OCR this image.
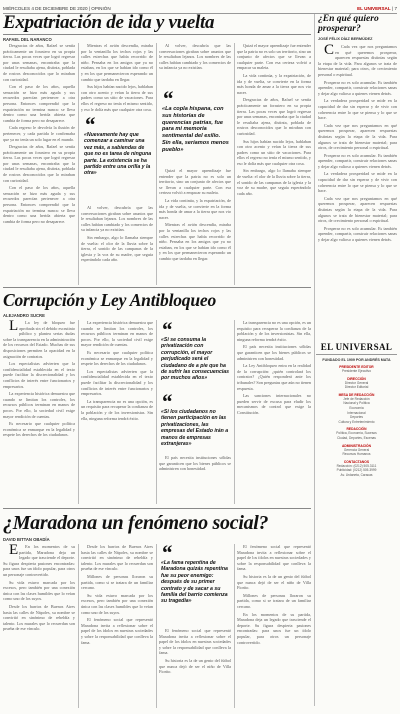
MIÉRCOLES 4 DE DICIEMBRE DE 2020 | OPINIÓN	EL UNIVERSAL | 7
Expatriación de ida y vuelta
RAFAEL DEL NARANCO

Desgracias de años, Rafael se sentía prácticamente un forastero en su propia tierra. Las pocas veces que logró regresar por unas semanas, encontraba que la ciudad le resultaba ajena, distinta, poblada de rostros desconocidos que lo miraban con curiosidad.

Con el paso de los años, aquella sensación se hizo más aguda y sus recuerdos parecían pertenecer a otra persona. Entonces comprendió que la expatriación no termina nunca: se lleva dentro como una herida abierta que cambia de forma pero no desaparece.

Cada regreso le devolvía la ilusión de pertenecer, y cada partida le confirmaba que ya no tenía un solo lugar en el mundo.

Desgracias de años, Rafael se sentía prácticamente un forastero en su propia tierra. Las pocas veces que logró regresar por unas semanas, encontraba que la ciudad le resultaba ajena, distinta, poblada de rostros desconocidos que lo miraban con curiosidad.

Con el paso de los años, aquella sensación se hizo más aguda y sus recuerdos parecían pertenecer a otra persona. Entonces comprendió que la expatriación no termina nunca: se lleva dentro como una herida abierta que cambia de forma pero no desaparece.

Mientras el avión descendía, miraba por la ventanilla los techos rojos y las calles estrechas que había recorrido de niño. Pensaba en los amigos que ya no estaban, en los que se habían ido como él y en los que permanecieron esperando un cambio que tardaba en llegar.

Sus hijos habían nacido lejos, hablaban con otro acento y veían la tierra de sus padres como un sitio de vacaciones. Para ellos el regreso no tenía el mismo sentido, y eso le dolía más que cualquier otra cosa.

“
«Nuevamente hay que comenzar a caminar una vez más, a sabiendas de que no es tarea de ninguna parte. La existencia se ha partido entre una orilla y la otra»

Al volver, descubría que las conversaciones giraban sobre asuntos que le resultaban lejanos. Los nombres de las calles habían cambiado y los comercios de su infancia ya no existían.

Sin embargo, algo lo llamaba siempre de vuelta: el olor de la lluvia sobre la tierra, el sonido de las campanas de la iglesia y la voz de su madre, que seguía esperándolo cada año.

Al volver, descubría que las conversaciones giraban sobre asuntos que le resultaban lejanos. Los nombres de las calles habían cambiado y los comercios de su infancia ya no existían.

“
«La copla hispana, con sus historias de querencias patrias, fue para mi memoria sentimental del exilio. Sin ella, seríamos menos pueblo»

Quizá el mayor aprendizaje fue entender que la patria no es solo un territorio, sino un conjunto de afectos que se llevan a cualquier parte. Con esa certeza volvió a empacar su maleta.

La vida continúa, y la expatriación, de ida y de vuelta, se convierte en la forma más honda de amar a la tierra que nos vio nacer.

Mientras el avión descendía, miraba por la ventanilla los techos rojos y las calles estrechas que había recorrido de niño. Pensaba en los amigos que ya no estaban, en los que se habían ido como él y en los que permanecieron esperando un cambio que tardaba en llegar.

Quizá el mayor aprendizaje fue entender que la patria no es solo un territorio, sino un conjunto de afectos que se llevan a cualquier parte. Con esa certeza volvió a empacar su maleta.

La vida continúa, y la expatriación, de ida y de vuelta, se convierte en la forma más honda de amar a la tierra que nos vio nacer.

Desgracias de años, Rafael se sentía prácticamente un forastero en su propia tierra. Las pocas veces que logró regresar por unas semanas, encontraba que la ciudad le resultaba ajena, distinta, poblada de rostros desconocidos que lo miraban con curiosidad.

Sus hijos habían nacido lejos, hablaban con otro acento y veían la tierra de sus padres como un sitio de vacaciones. Para ellos el regreso no tenía el mismo sentido, y eso le dolía más que cualquier otra cosa.

Sin embargo, algo lo llamaba siempre de vuelta: el olor de la lluvia sobre la tierra, el sonido de las campanas de la iglesia y la voz de su madre, que seguía esperándolo cada año.

¿En qué quiero prosperar?
JOSÉ FÉLIX DÍAZ BERMÚDEZ

C Cada vez que nos preguntamos en qué queremos prosperar, aparecen respuestas distintas según la etapa de la vida. Para algunos se trata de bienestar material; para otros, de crecimiento personal o espiritual.

Prosperar no es solo acumular. Es también aprender, compartir, construir relaciones sanas y dejar algo valioso a quienes vienen detrás.

La verdadera prosperidad se mide en la capacidad de dar sin esperar y de vivir con coherencia entre lo que se piensa y lo que se hace.

Cada vez que nos preguntamos en qué queremos prosperar, aparecen respuestas distintas según la etapa de la vida. Para algunos se trata de bienestar material; para otros, de crecimiento personal o espiritual.

Prosperar no es solo acumular. Es también aprender, compartir, construir relaciones sanas y dejar algo valioso a quienes vienen detrás.

La verdadera prosperidad se mide en la capacidad de dar sin esperar y de vivir con coherencia entre lo que se piensa y lo que se hace.

Cada vez que nos preguntamos en qué queremos prosperar, aparecen respuestas distintas según la etapa de la vida. Para algunos se trata de bienestar material; para otros, de crecimiento personal o espiritual.

Prosperar no es solo acumular. Es también aprender, compartir, construir relaciones sanas y dejar algo valioso a quienes vienen detrás.

Corrupción y Ley Antibloqueo
ALEJANDRO SUCRE

L La ley de bloqueo fue aprobada sin el debido escrutinio público y plantea serias dudas sobre la transparencia en la administración de los recursos del Estado. Muchas de sus disposiciones permiten la opacidad en la asignación de contratos.

Los especialistas advierten que la confidencialidad establecida en el texto puede facilitar la discrecionalidad y los conflictos de interés entre funcionarios y empresarios.

La experiencia histórica demuestra que cuando se limitan los controles, los recursos públicos terminan en manos de pocos. Por ello, la sociedad civil exige mayor rendición de cuentas.

Es necesario que cualquier política económica se enmarque en la legalidad y respete los derechos de los ciudadanos.

La experiencia histórica demuestra que cuando se limitan los controles, los recursos públicos terminan en manos de pocos. Por ello, la sociedad civil exige mayor rendición de cuentas.

Es necesario que cualquier política económica se enmarque en la legalidad y respete los derechos de los ciudadanos.

Los especialistas advierten que la confidencialidad establecida en el texto puede facilitar la discrecionalidad y los conflictos de interés entre funcionarios y empresarios.

La transparencia no es una opción, es un requisito para recuperar la confianza de la población y de los inversionistas. Sin ella, ninguna reforma tendrá éxito.

“
«Si se consuma la privatización con corrupción, el mayor perjudicado será el ciudadano de a pie que ha de sufrir las consecuencias por muchos años»
“
«Si los ciudadanos no tienen participación en las privatizaciones, las empresas del Estado irán a manos de empresas extranjeras»

El país necesita instituciones sólidas que garanticen que los bienes públicos se administren con honestidad.

La transparencia no es una opción, es un requisito para recuperar la confianza de la población y de los inversionistas. Sin ella, ninguna reforma tendrá éxito.

El país necesita instituciones sólidas que garanticen que los bienes públicos se administren con honestidad.

La Ley Antibloqueo entra en la realidad de la corrupción: ¿quién controlará los contratos? ¿Quién responderá ante los tribunales? Son preguntas que aún no tienen respuesta.

Las sanciones internacionales no pueden servir de excusa para eludir los mecanismos de control que exige la Constitución.

EL UNIVERSAL
FUNDADO EL 1909 POR ANDRÉS MATA
PRESIDENTE EDITOR
Presidente Ejecutivo
DIRECCIÓN
Director General
Director Editorial
MESA DE REDACCIÓN
Jefe de Redacción
Nacional y Política
Economía
Internacional
Deportes
Cultura y Entretenimiento
REDACCIÓN
Política, Economía, Sucesos
Ciudad, Deportes, Escenas
ADMINISTRACIÓN
Gerencia General
Recursos Humanos
CONTACTANOS
Redacción: (0212) 505.3111
Publicidad: (0212) 505.3999
Av. Urdaneta, Caracas
¿Maradona un fenómeno social?
DAVID BITTAN OBADÍA

E En los momentos de su partida, Maradona deja un legado que trasciende el deporte. Su figura despierta pasiones encontradas: para unos fue un ídolo popular, para otros un personaje controvertido.

Su vida estuvo marcada por los excesos, pero también por una conexión única con las clases humildes que lo veían como uno de los suyos.

Desde los barrios de Buenos Aires hasta las calles de Nápoles, su nombre se convirtió en sinónimo de rebeldía y talento. Los murales que lo recuerdan son prueba de ese vínculo.

Desde los barrios de Buenos Aires hasta las calles de Nápoles, su nombre se convirtió en sinónimo de rebeldía y talento. Los murales que lo recuerdan son prueba de ese vínculo.

Millones de personas lloraron su partida, como si se tratara de un familiar cercano.

Su vida estuvo marcada por los excesos, pero también por una conexión única con las clases humildes que lo veían como uno de los suyos.

El fenómeno social que representó Maradona invita a reflexionar sobre el papel de los ídolos en nuestras sociedades y sobre la responsabilidad que conlleva la fama.

“
«La fama repentina de Maradona quizás repentina fue su peor enemigo: después de su primer contrato y de sacar a su familia del barrio comienza su tragedia»

El fenómeno social que representó Maradona invita a reflexionar sobre el papel de los ídolos en nuestras sociedades y sobre la responsabilidad que conlleva la fama.

Su historia es la de un genio del fútbol que nunca dejó de ser el niño de Villa Fiorito.

El fenómeno social que representó Maradona invita a reflexionar sobre el papel de los ídolos en nuestras sociedades y sobre la responsabilidad que conlleva la fama.

Su historia es la de un genio del fútbol que nunca dejó de ser el niño de Villa Fiorito.

Millones de personas lloraron su partida, como si se tratara de un familiar cercano.

En los momentos de su partida, Maradona deja un legado que trasciende el deporte. Su figura despierta pasiones encontradas: para unos fue un ídolo popular, para otros un personaje controvertido.
